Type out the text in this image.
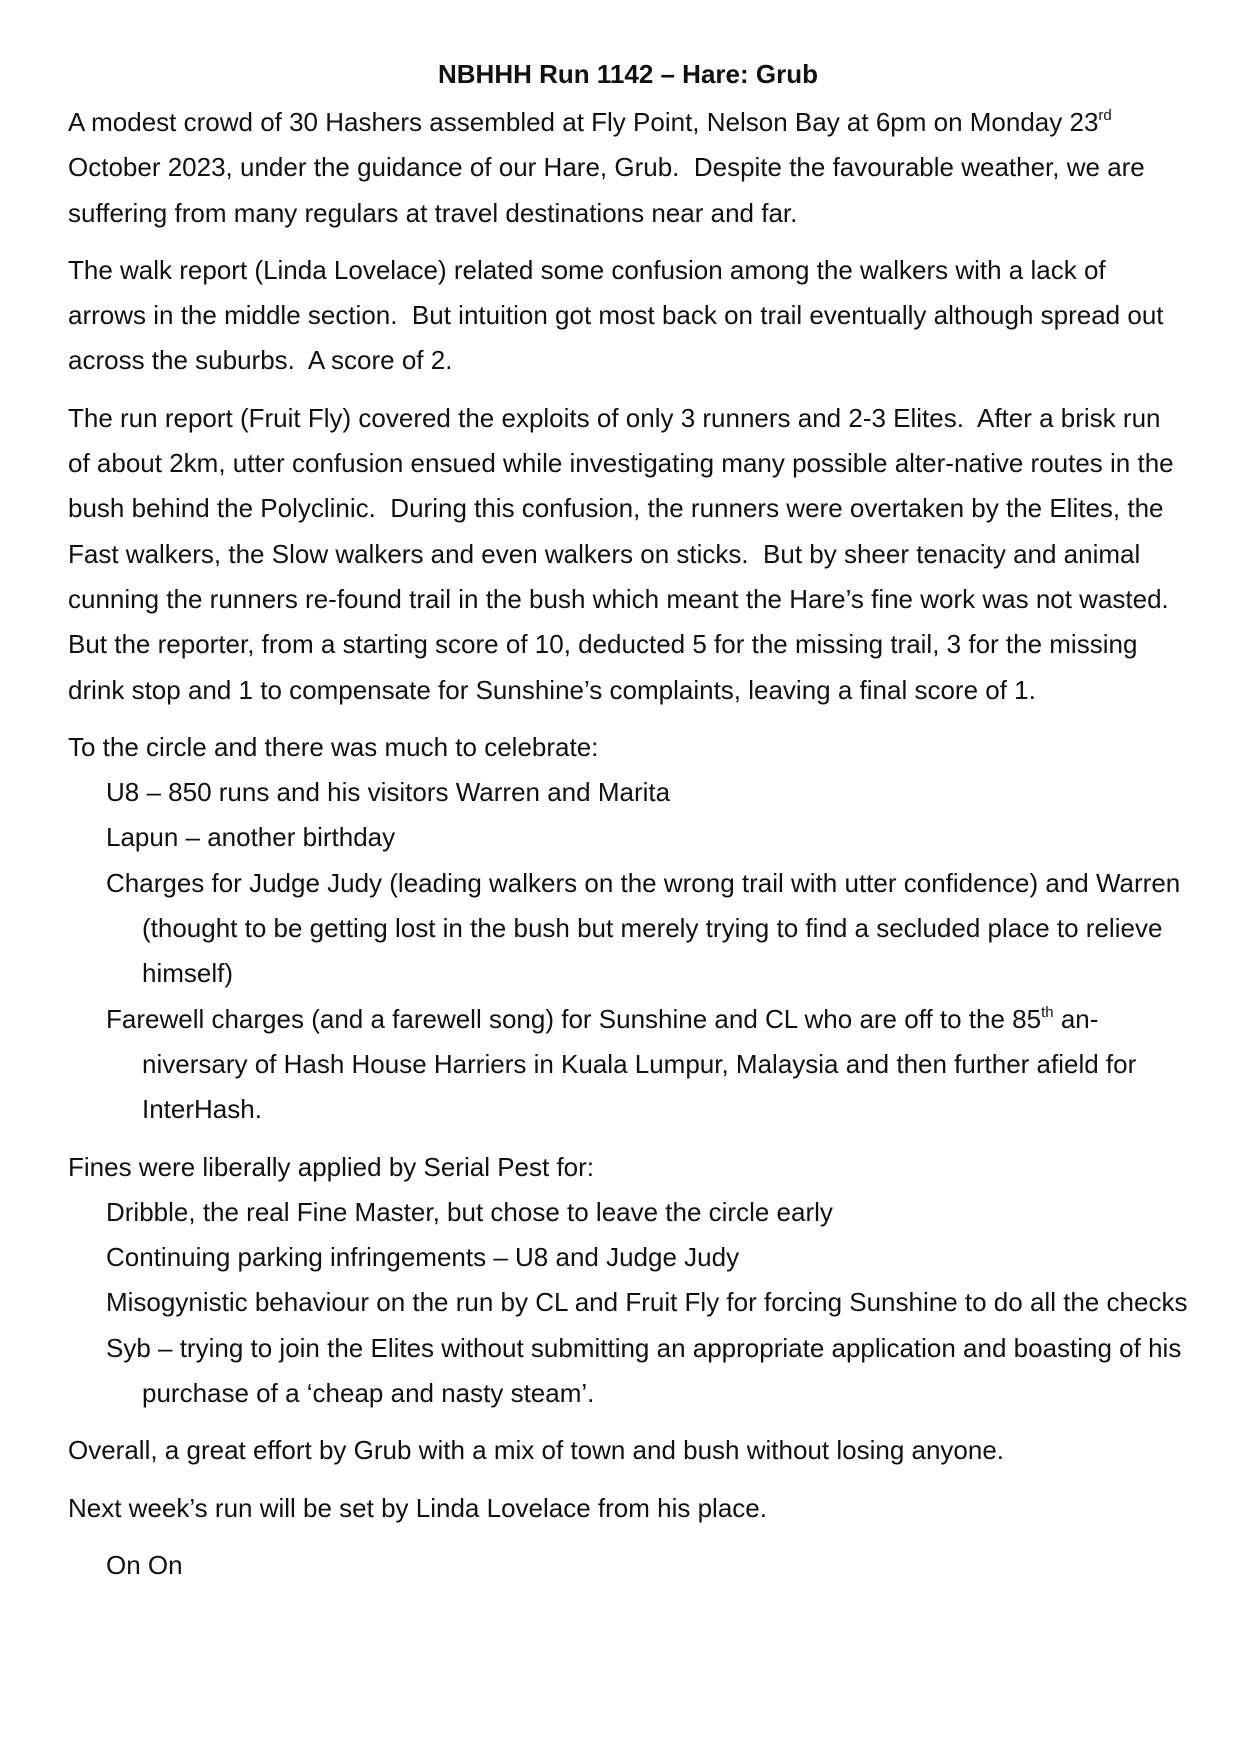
NBHHH Run 1142 – Hare: Grub

A modest crowd of 30 Hashers assembled at Fly Point, Nelson Bay at 6pm on Monday 23rd October 2023, under the guidance of our Hare, Grub.  Despite the favourable weather, we are suffering from many regulars at travel destinations near and far.

The walk report (Linda Lovelace) related some confusion among the walkers with a lack of arrows in the middle section.  But intuition got most back on trail eventually although spread out across the suburbs.  A score of 2.

The run report (Fruit Fly) covered the exploits of only 3 runners and 2-3 Elites.  After a brisk run of about 2km, utter confusion ensued while investigating many possible alter-native routes in the bush behind the Polyclinic.  During this confusion, the runners were overtaken by the Elites, the Fast walkers, the Slow walkers and even walkers on sticks.  But by sheer tenacity and animal cunning the runners re-found trail in the bush which meant the Hare’s fine work was not wasted.  But the reporter, from a starting score of 10, deducted 5 for the missing trail, 3 for the missing drink stop and 1 to compensate for Sunshine’s complaints, leaving a final score of 1.

To the circle and there was much to celebrate:
U8 – 850 runs and his visitors Warren and Marita
Lapun – another birthday
Charges for Judge Judy (leading walkers on the wrong trail with utter confidence) and Warren (thought to be getting lost in the bush but merely trying to find a secluded place to relieve himself)
Farewell charges (and a farewell song) for Sunshine and CL who are off to the 85th an-niversary of Hash House Harriers in Kuala Lumpur, Malaysia and then further afield for InterHash.
Fines were liberally applied by Serial Pest for:
Dribble, the real Fine Master, but chose to leave the circle early
Continuing parking infringements – U8 and Judge Judy
Misogynistic behaviour on the run by CL and Fruit Fly for forcing Sunshine to do all the checks
Syb – trying to join the Elites without submitting an appropriate application and boasting of his purchase of a ‘cheap and nasty steam’.

Overall, a great effort by Grub with a mix of town and bush without losing anyone.

Next week’s run will be set by Linda Lovelace from his place.

On On
